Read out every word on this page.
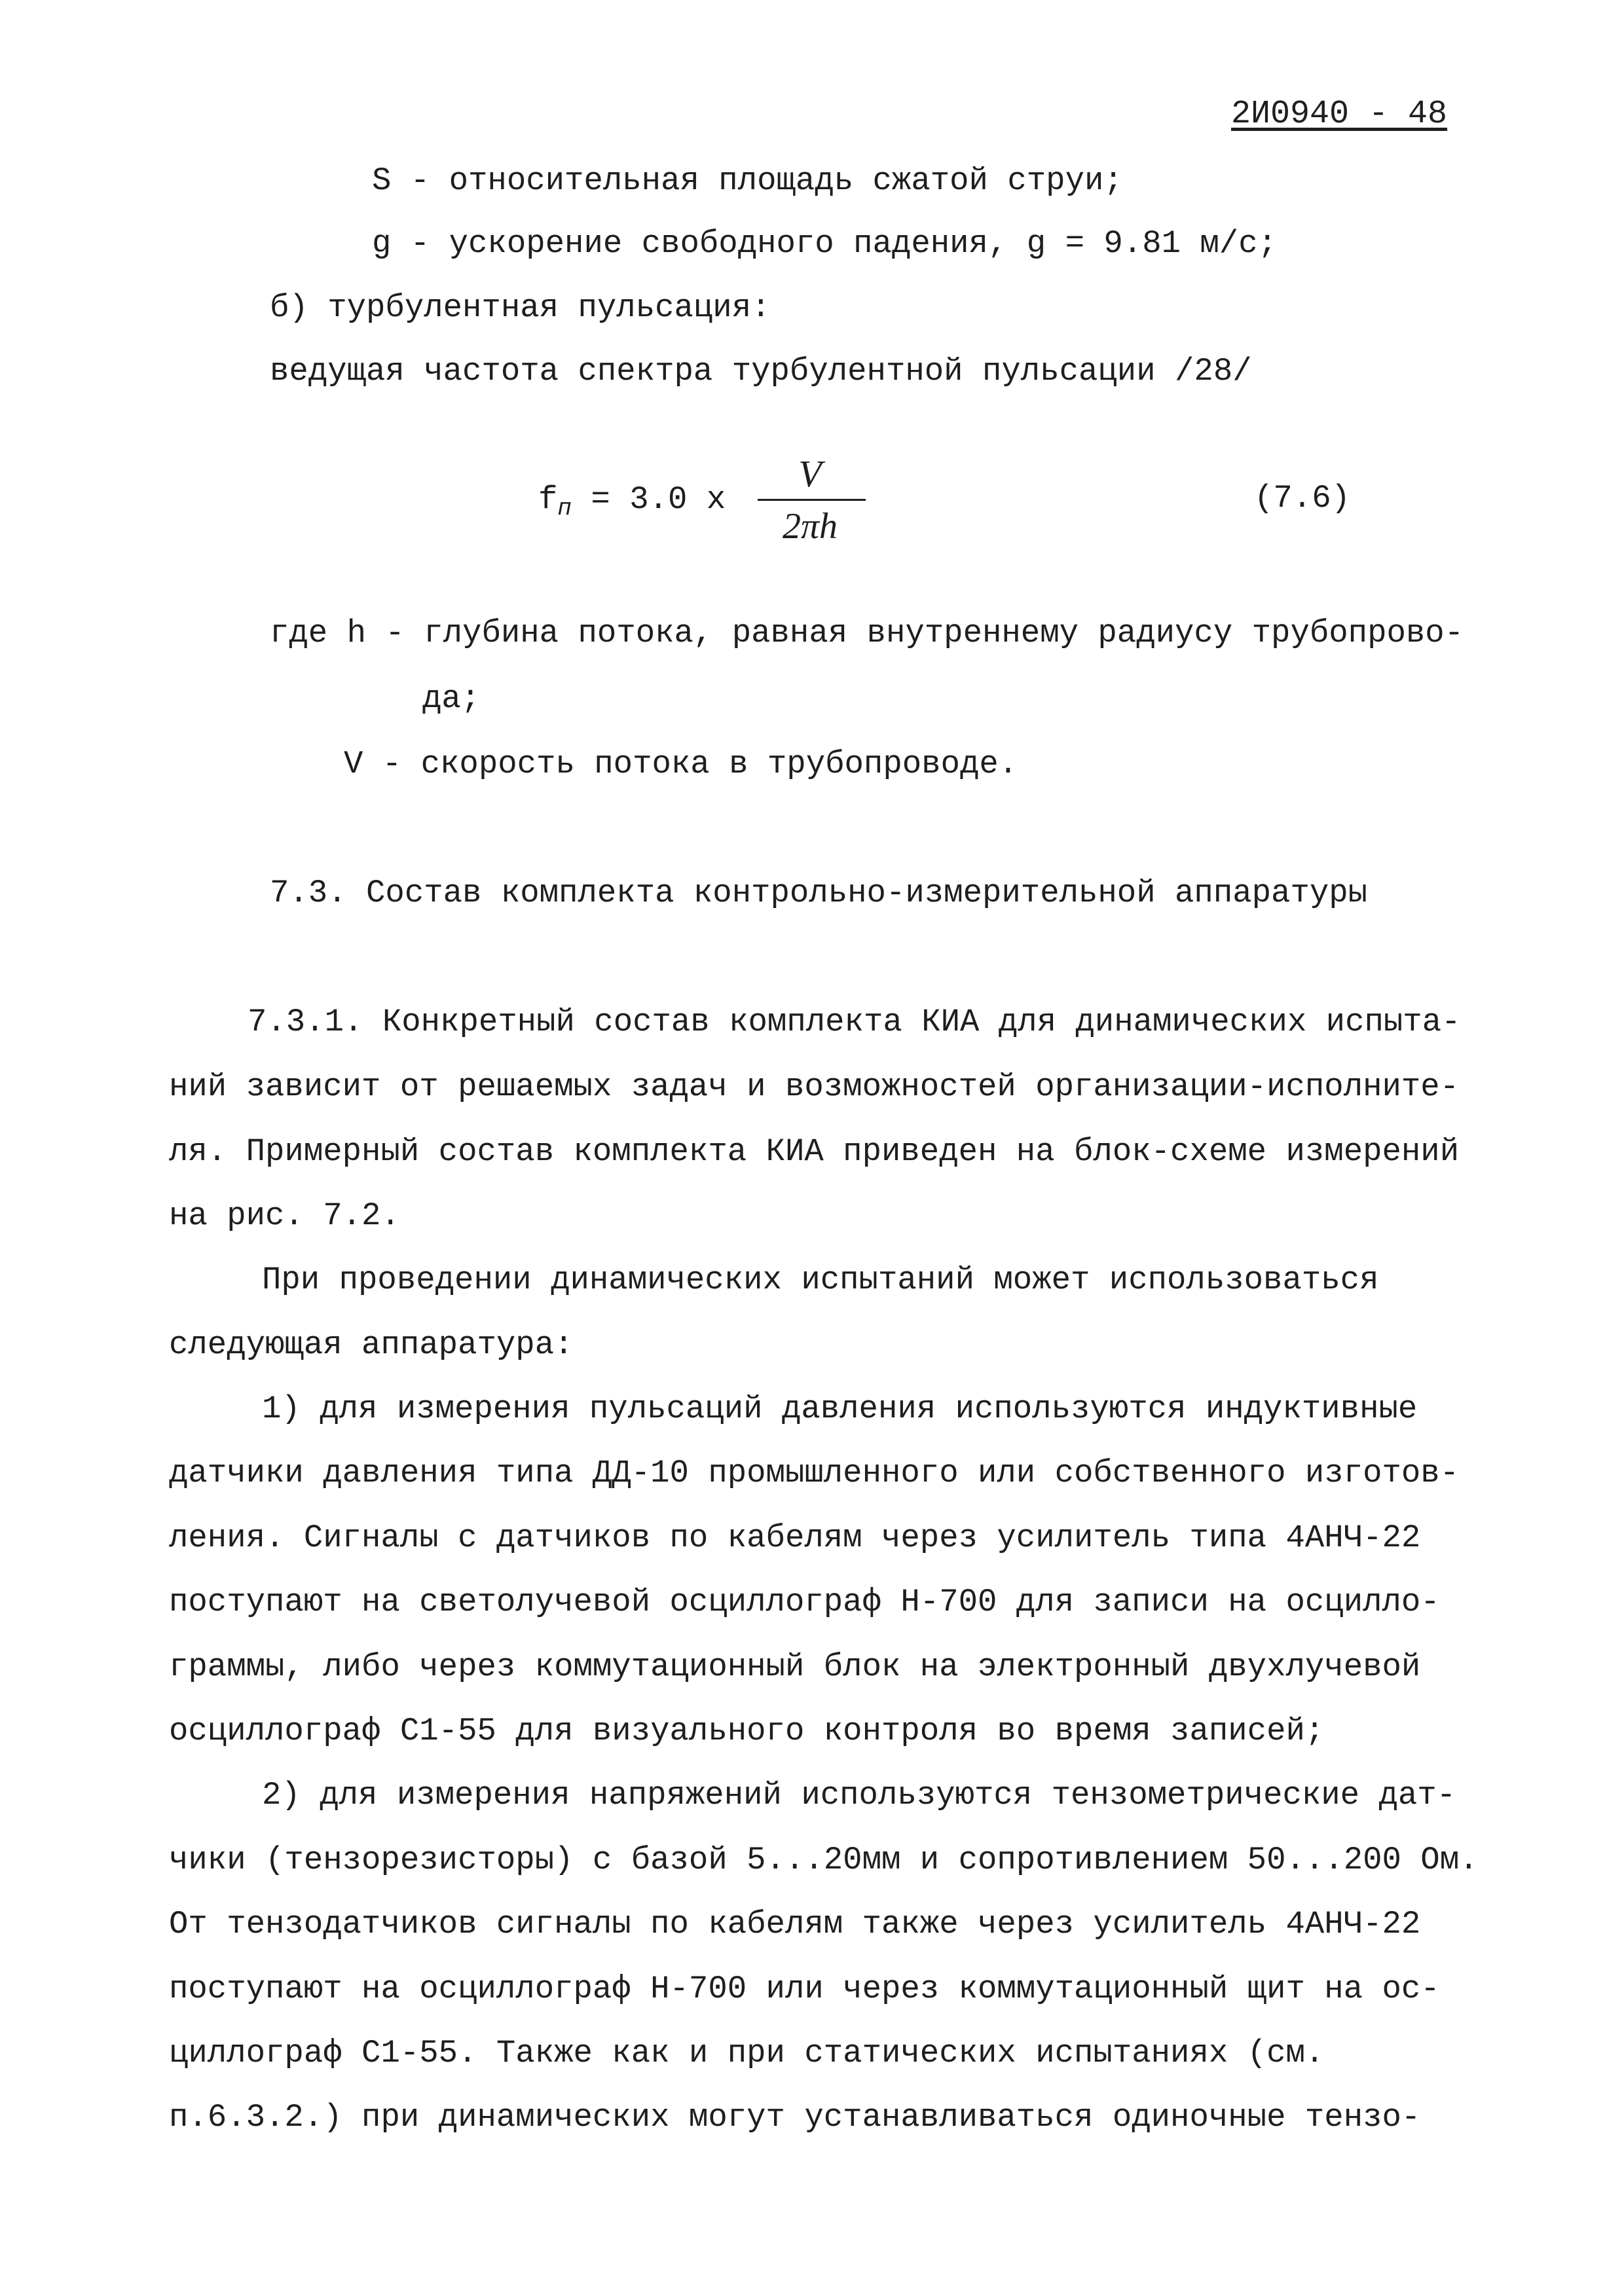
2И0940 - 48
S - относительная площадь сжатой струи;
g - ускорение свободного падения, g = 9.81 м/с;
б) турбулентная пульсация:
ведущая частота спектра турбулентной пульсации /28/
$f_п = 3.0$ x
V
2πh
(7.6)
где h - глубина потока, равная внутреннему радиусу трубопрово-
да;
V - скорость потока в трубопроводе.
7.3. Состав комплекта контрольно-измерительной аппаратуры
7.3.1. Конкретный состав комплекта КИА для динамических испыта-
ний зависит от решаемых задач и возможностей организации-исполните-
ля. Примерный состав комплекта КИА приведен на блок-схеме измерений
на рис. 7.2.
При проведении динамических испытаний может использоваться
следующая аппаратура:
1) для измерения пульсаций давления используются индуктивные
датчики давления типа ДД-10 промышленного или собственного изготов-
ления. Сигналы с датчиков по кабелям через усилитель типа 4АНЧ-22
поступают на светолучевой осциллограф Н-700 для записи на осцилло-
граммы, либо через коммутационный блок на электронный двухлучевой
осциллограф С1-55 для визуального контроля во время записей;
2) для измерения напряжений используются тензометрические дат-
чики (тензорезисторы) с базой 5...20мм и сопротивлением 50...200 Ом.
От тензодатчиков сигналы по кабелям также через усилитель 4АНЧ-22
поступают на осциллограф Н-700 или через коммутационный щит на ос-
циллограф С1-55. Также как и при статических испытаниях (см.
п.6.3.2.) при динамических могут устанавливаться одиночные тензо-
